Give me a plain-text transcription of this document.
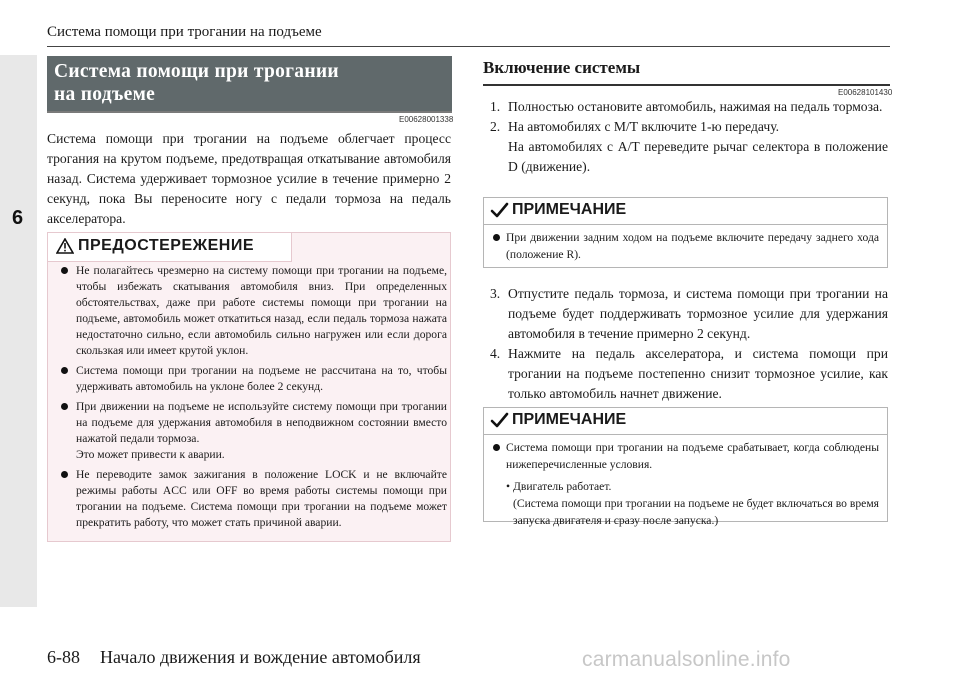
Система помощи при трогании на подъеме
6
Система помощи при трогании
на подъеме
E00628001338
Система помощи при трогании на подъеме облегчает процесс трогания на крутом подъеме, предотвращая откатывание автомобиля назад. Система удерживает тормозное усилие в течение примерно 2 секунд, пока Вы переносите ногу с педали тормоза на педаль акселератора.
ПРЕДОСТЕРЕЖЕНИЕ
Не полагайтесь чрезмерно на систему помощи при трогании на подъеме, чтобы избежать скатывания автомобиля вниз. При определенных обстоятельствах, даже при работе системы помощи при трогании на подъеме, автомобиль может откатиться назад, если педаль тормоза нажата недостаточно сильно, если автомобиль сильно нагружен или если дорога скользкая или имеет крутой уклон.
Система помощи при трогании на подъеме не рассчитана на то, чтобы удерживать автомобиль на уклоне более 2 секунд.
При движении на подъеме не используйте систему помощи при трогании на подъеме для удержания автомобиля в неподвижном состоянии вместо нажатой педали тормоза.
Это может привести к аварии.
Не переводите замок зажигания в положение LOCK и не включайте режимы работы ACC или OFF во время работы системы помощи при трогании на подъеме. Система помощи при трогании на подъеме может прекратить работу, что может стать причиной аварии.
Включение системы
E00628101430
1. Полностью остановите автомобиль, нажимая на педаль тормоза.
2. На автомобилях с M/T включите 1-ю передачу.
На автомобилях с A/T переведите рычаг селектора в положение D (движение).
ПРИМЕЧАНИЕ
При движении задним ходом на подъеме включите передачу заднего хода (положение R).
3. Отпустите педаль тормоза, и система помощи при трогании на подъеме будет поддерживать тормозное усилие для удержания автомобиля в течение примерно 2 секунд.
4. Нажмите на педаль акселератора, и система помощи при трогании на подъеме постепенно снизит тормозное усилие, как только автомобиль начнет движение.
ПРИМЕЧАНИЕ
Система помощи при трогании на подъеме срабатывает, когда соблюдены нижеперечисленные условия.
• Двигатель работает.
(Система помощи при трогании на подъеме не будет включаться во время запуска двигателя и сразу после запуска.)
6-88 Начало движения и вождение автомобиля	carmanualsonline.info
